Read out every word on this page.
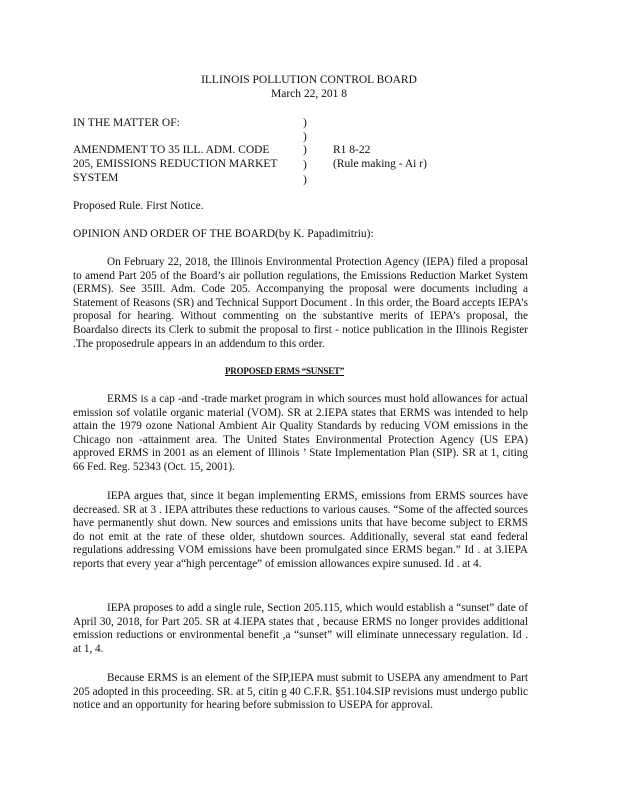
ILLINOIS POLLUTION CONTROL BOARD
March 22, 201 8
IN THE MATTER OF:
AMENDMENT TO 35 ILL. ADM. CODE
205, EMISSIONS REDUCTION MARKET
SYSTEM
)
)
)
)
)
R1 8-22
(Rule making - Ai r)
Proposed Rule. First Notice.
OPINION AND ORDER OF THE BOARD(by K. Papadimitriu):
On February 22, 2018, the Illinois Environmental Protection Agency (IEPA) filed a proposal to amend Part 205 of the Board’s air pollution regulations, the Emissions Reduction Market System (ERMS). See 35Ill. Adm. Code 205. Accompanying the proposal were documents including a Statement of Reasons (SR) and Technical Support Document . In this order, the Board accepts IEPA’s proposal for hearing. Without commenting on the substantive merits of IEPA’s proposal, the Boardalso directs its Clerk to submit the proposal to first - notice publication in the Illinois Register .The proposedrule appears in an addendum to this order.
PROPOSED ERMS “SUNSET”
ERMS is a cap -and -trade market program in which sources must hold allowances for actual emission sof volatile organic material (VOM). SR at 2.IEPA states that ERMS was intended to help attain the 1979 ozone National Ambient Air Quality Standards by reducing VOM emissions in the Chicago non -attainment area. The United States Environmental Protection Agency (US EPA) approved ERMS in 2001 as an element of Illinois ’ State Implementation Plan (SIP). SR at 1, citing 66 Fed. Reg. 52343 (Oct. 15, 2001).
IEPA argues that, since it began implementing ERMS, emissions from ERMS sources have decreased. SR at 3 . IEPA attributes these reductions to various causes. “Some of the affected sources have permanently shut down. New sources and emissions units that have become subject to ERMS do not emit at the rate of these older, shutdown sources. Additionally, several stat eand federal regulations addressing VOM emissions have been promulgated since ERMS began.” Id . at 3.IEPA reports that every year a“high percentage” of emission allowances expire sunused. Id . at 4.
IEPA proposes to add a single rule, Section 205.115, which would establish a “sunset” date of April 30, 2018, for Part 205. SR at 4.IEPA states that , because ERMS no longer provides additional emission reductions or environmental benefit ,a “sunset” will eliminate unnecessary regulation. Id . at 1, 4.
Because ERMS is an element of the SIP,IEPA must submit to USEPA any amendment to Part 205 adopted in this proceeding. SR. at 5, citin g 40 C.F.R. §51.104.SIP revisions must undergo public notice and an opportunity for hearing before submission to USEPA for approval.
